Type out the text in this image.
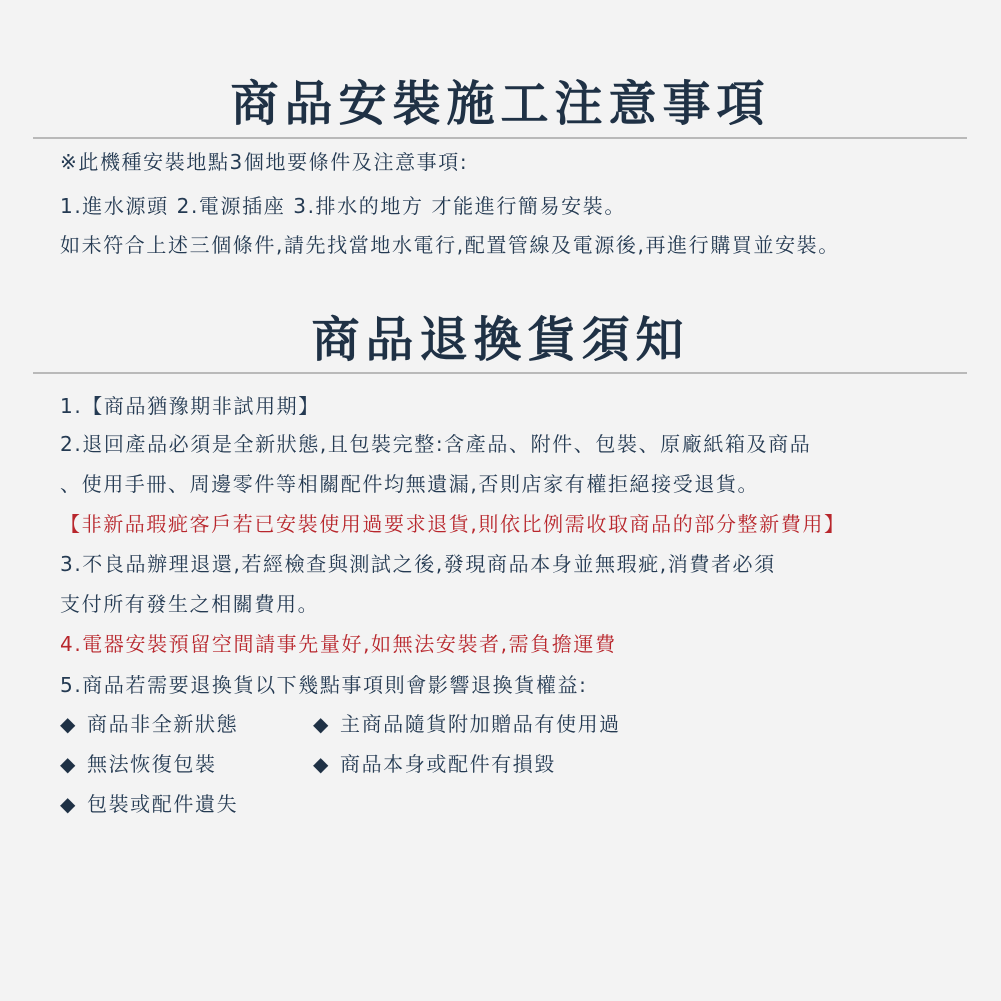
商品安裝施工注意事項

※此機種安裝地點3個地要條件及注意事項:

1.進水源頭 2.電源插座 3.排水的地方 才能進行簡易安裝。

如未符合上述三個條件,請先找當地水電行,配置管線及電源後,再進行購買並安裝。

商品退換貨須知

1.【商品猶豫期非試用期】

2.退回產品必須是全新狀態,且包裝完整:含產品、附件、包裝、原廠紙箱及商品

、使用手冊、周邊零件等相關配件均無遺漏,否則店家有權拒絕接受退貨。

【非新品瑕疵客戶若已安裝使用過要求退貨,則依比例需收取商品的部分整新費用】

3.不良品辦理退還,若經檢查與測試之後,發現商品本身並無瑕疵,消費者必須

支付所有發生之相關費用。

4.電器安裝預留空間請事先量好,如無法安裝者,需負擔運費

5.商品若需要退換貨以下幾點事項則會影響退換貨權益:

◆ 商品非全新狀態	◆ 主商品隨貨附加贈品有使用過
◆ 無法恢復包裝	◆ 商品本身或配件有損毀
◆ 包裝或配件遺失
